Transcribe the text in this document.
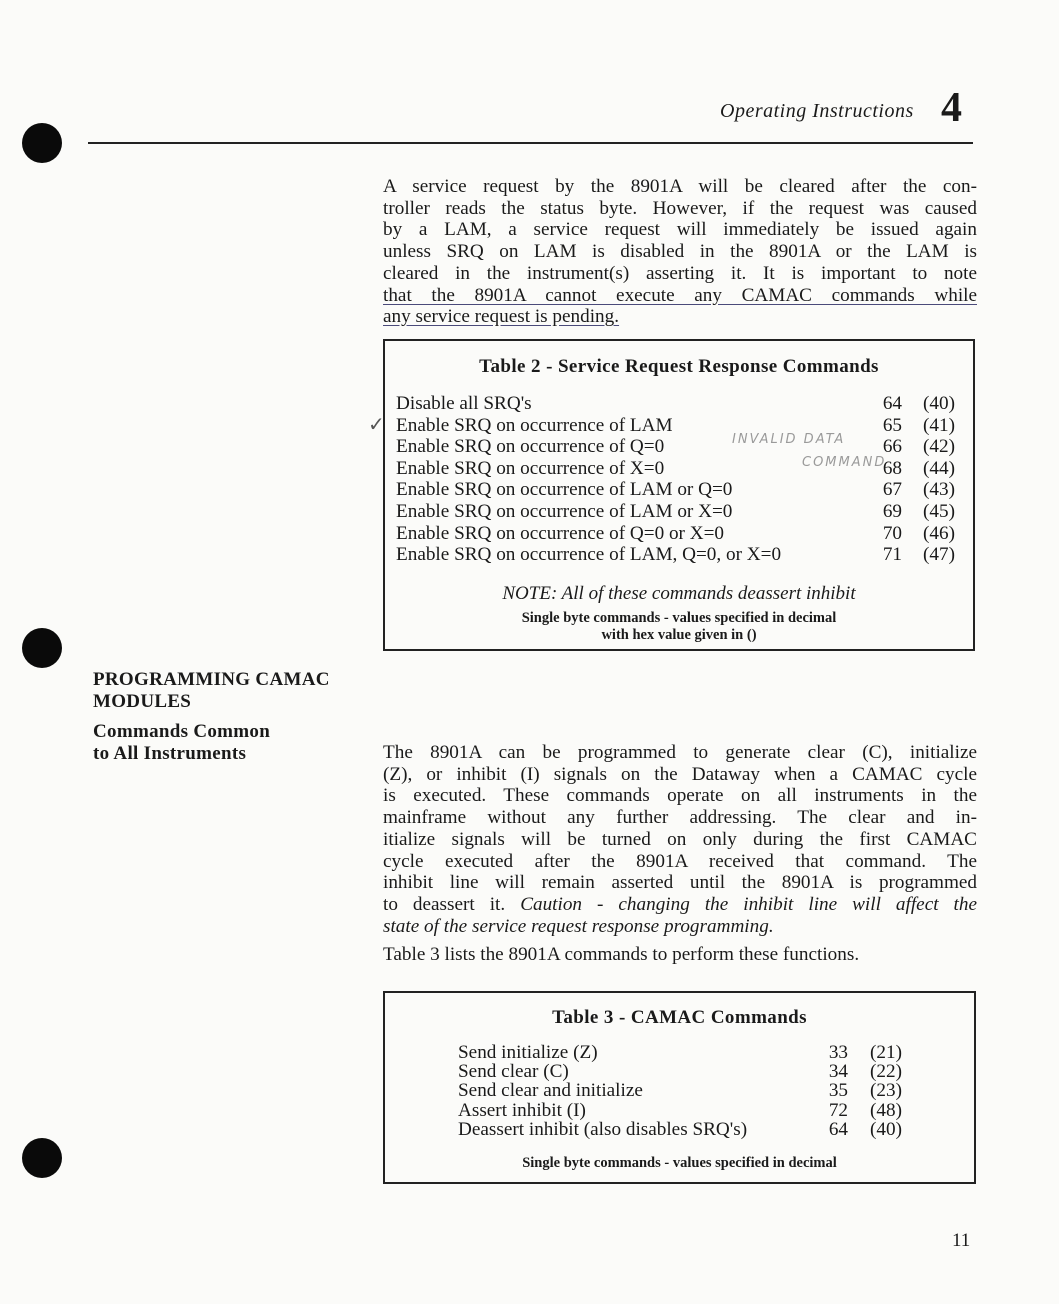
Operating Instructions 4
A service request by the 8901A will be cleared after the con-
troller reads the status byte. However, if the request was caused
by a LAM, a service request will immediately be issued again
unless SRQ on LAM is disabled in the 8901A or the LAM is
cleared in the instrument(s) asserting it. It is important to note
that the 8901A cannot execute any CAMAC commands while
any service request is pending.
Table 2 - Service Request Response Commands
Disable all SRQ's	64 (40)
Enable SRQ on occurrence of LAM	65 (41)
Enable SRQ on occurrence of Q=0	66 (42)
Enable SRQ on occurrence of X=0	68 (44)
Enable SRQ on occurrence of LAM or Q=0	67 (43)
Enable SRQ on occurrence of LAM or X=0	69 (45)
Enable SRQ on occurrence of Q=0 or X=0	70 (46)
Enable SRQ on occurrence of LAM, Q=0, or X=0	71 (47)
NOTE: All of these commands deassert inhibit
Single byte commands - values specified in decimal
with hex value given in ()
✓
INVALID DATA
COMMAND
PROGRAMMING CAMAC
MODULES
Commands Common
to All Instruments	The 8901A can be programmed to generate clear (C), initialize
(Z), or inhibit (I) signals on the Dataway when a CAMAC cycle
is executed. These commands operate on all instruments in the
mainframe without any further addressing. The clear and in-
itialize signals will be turned on only during the first CAMAC
cycle executed after the 8901A received that command. The
inhibit line will remain asserted until the 8901A is programmed
to deassert it. Caution - changing the inhibit line will affect the
state of the service request response programming.
Table 3 lists the 8901A commands to perform these functions.
Table 3 - CAMAC Commands
Send initialize (Z)	33 (21)
Send clear (C)	34 (22)
Send clear and initialize	35 (23)
Assert inhibit (I)	72 (48)
Deassert inhibit (also disables SRQ's)	64 (40)
Single byte commands - values specified in decimal
11
